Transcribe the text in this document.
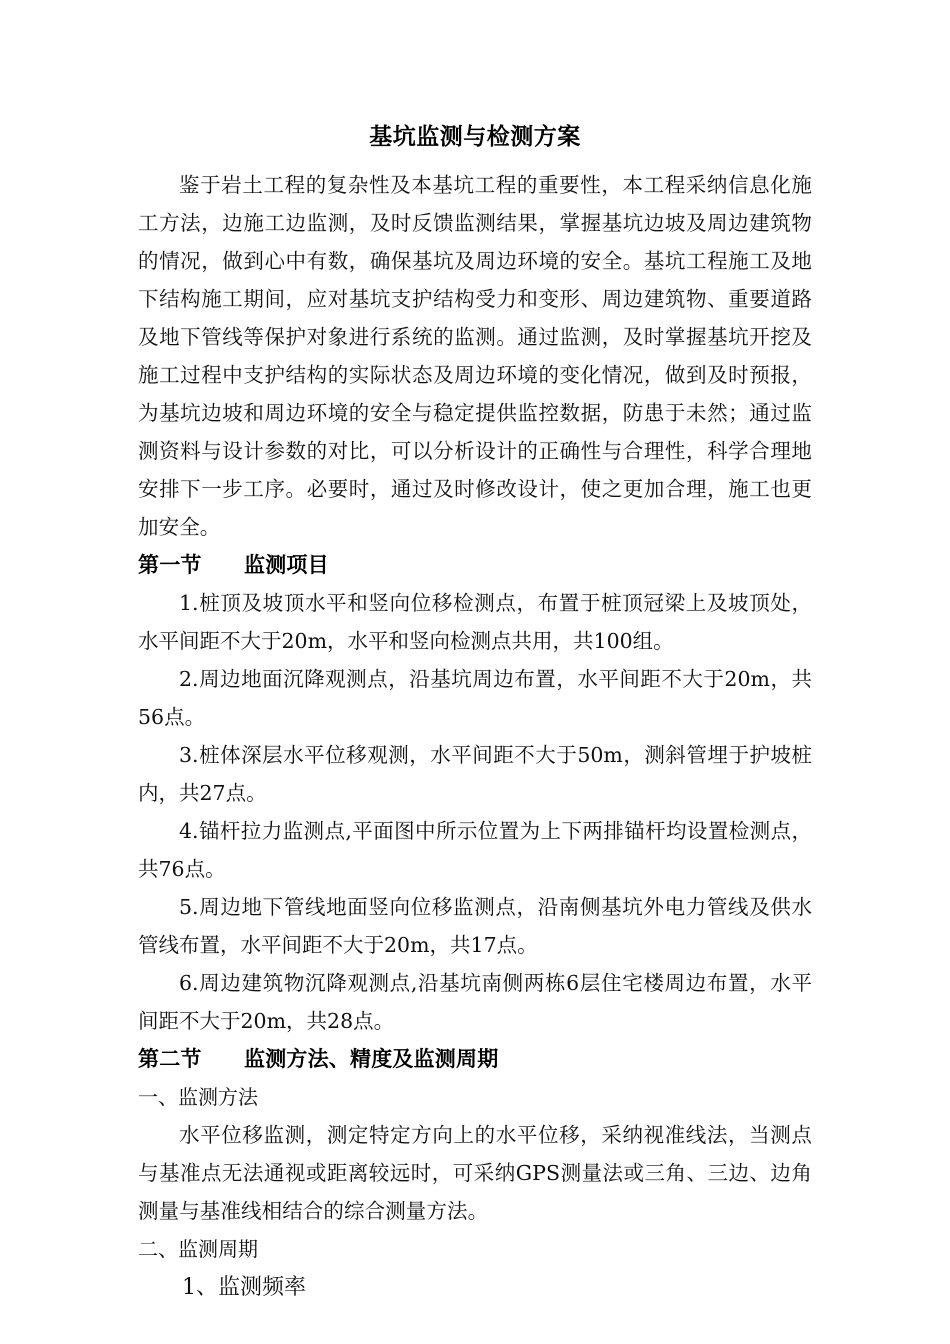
基坑监测与检测方案

鉴于岩土工程的复杂性及本基坑工程的重要性，本工程采纳信息化施工方法，边施工边监测，及时反馈监测结果，掌握基坑边坡及周边建筑物的情况，做到心中有数，确保基坑及周边环境的安全。基坑工程施工及地下结构施工期间，应对基坑支护结构受力和变形、周边建筑物、重要道路及地下管线等保护对象进行系统的监测。通过监测，及时掌握基坑开挖及施工过程中支护结构的实际状态及周边环境的变化情况，做到及时预报，为基坑边坡和周边环境的安全与稳定提供监控数据，防患于未然；通过监测资料与设计参数的对比，可以分析设计的正确性与合理性，科学合理地安排下一步工序。必要时，通过及时修改设计，使之更加合理，施工也更加安全。

第一节　　监测项目

1.桩顶及坡顶水平和竖向位移检测点，布置于桩顶冠梁上及坡顶处，水平间距不大于20m，水平和竖向检测点共用，共100组。

2.周边地面沉降观测点，沿基坑周边布置，水平间距不大于20m，共56点。

3.桩体深层水平位移观测，水平间距不大于50m，测斜管埋于护坡桩内，共27点。

4.锚杆拉力监测点,平面图中所示位置为上下两排锚杆均设置检测点，共76点。

5.周边地下管线地面竖向位移监测点，沿南侧基坑外电力管线及供水管线布置，水平间距不大于20m，共17点。

6.周边建筑物沉降观测点,沿基坑南侧两栋6层住宅楼周边布置，水平间距不大于20m，共28点。

第二节　　监测方法、精度及监测周期

一、监测方法

水平位移监测，测定特定方向上的水平位移，采纳视准线法，当测点与基准点无法通视或距离较远时，可采纳GPS测量法或三角、三边、边角测量与基准线相结合的综合测量方法。

二、监测周期

1、监测频率
